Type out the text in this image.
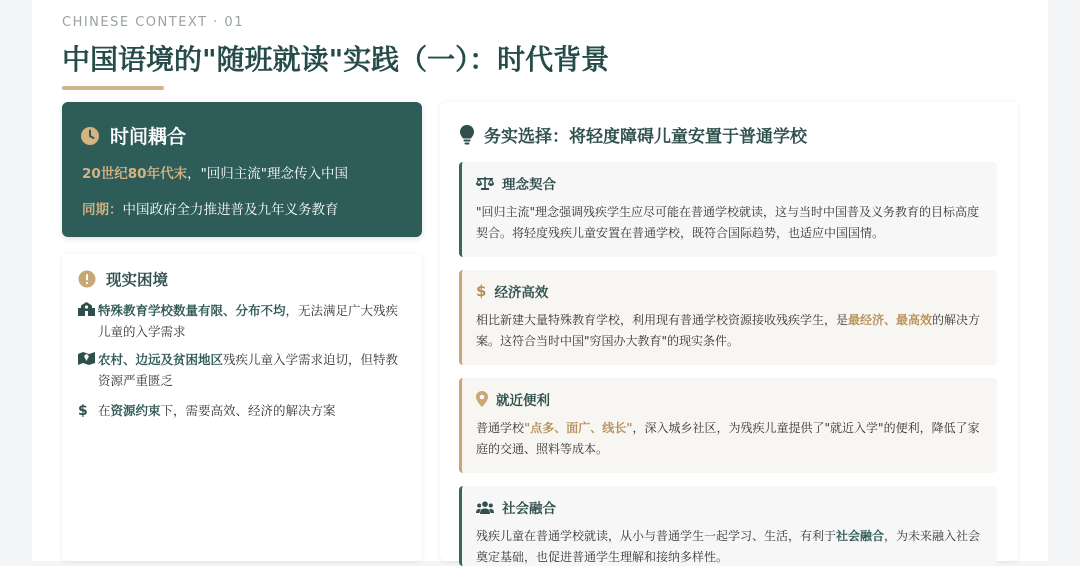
CHINESE CONTEXT · 01
中国语境的"随班就读"实践（一）：时代背景
时间耦合
20世纪80年代末，"回归主流"理念传入中国
同期：中国政府全力推进普及九年义务教育
现实困境
特殊教育学校数量有限、分布不均，无法满足广大残疾儿童的入学需求
农村、边远及贫困地区残疾儿童入学需求迫切，但特教资源严重匮乏
$ 在资源约束下，需要高效、经济的解决方案
务实选择：将轻度障碍儿童安置于普通学校
理念契合
"回归主流"理念强调残疾学生应尽可能在普通学校就读，这与当时中国普及义务教育的目标高度契合。将轻度残疾儿童安置在普通学校，既符合国际趋势，也适应中国国情。
$ 经济高效
相比新建大量特殊教育学校，利用现有普通学校资源接收残疾学生，是最经济、最高效的解决方案。这符合当时中国"穷国办大教育"的现实条件。
就近便利
普通学校"点多、面广、线长"，深入城乡社区，为残疾儿童提供了"就近入学"的便利，降低了家庭的交通、照料等成本。
社会融合
残疾儿童在普通学校就读，从小与普通学生一起学习、生活，有利于社会融合，为未来融入社会奠定基础，也促进普通学生理解和接纳多样性。
